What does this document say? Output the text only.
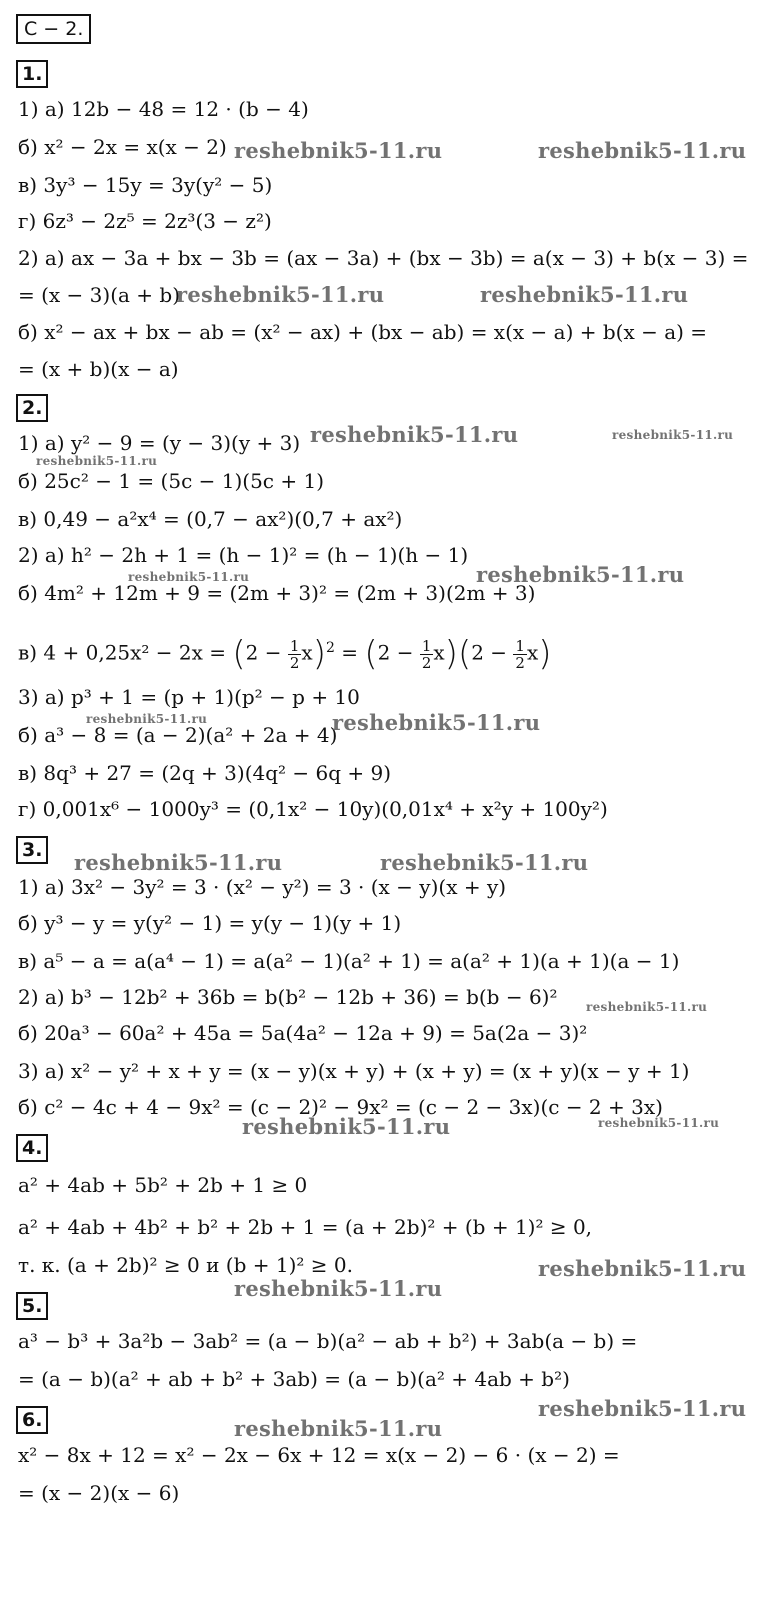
С − 2.
1.
1) а) 12b − 48 = 12 · (b − 4)
б) x² − 2x = x(x − 2)
в) 3y³ − 15y = 3y(y² − 5)
г) 6z³ − 2z⁵ = 2z³(3 − z²)
2) а) ax − 3a + bx − 3b = (ax − 3a) + (bx − 3b) = a(x − 3) + b(x − 3) =
= (x − 3)(a + b)
б) x² − ax + bx − ab = (x² − ax) + (bx − ab) = x(x − a) + b(x − a) =
= (x + b)(x − a)
2.
1) а) y² − 9 = (y − 3)(y + 3)
б) 25c² − 1 = (5c − 1)(5c + 1)
в) 0,49 − a²x⁴ = (0,7 − ax²)(0,7 + ax²)
2) а) h² − 2h + 1 = (h − 1)² = (h − 1)(h − 1)
б) 4m² + 12m + 9 = (2m + 3)² = (2m + 3)(2m + 3)
в) $4 + 0,25x^2 - 2x = (2 - \frac{1}{2} x)^2 = (2 - \frac{1}{2} x)(2 - \frac{1}{2} x)$
3) а) p³ + 1 = (p + 1)(p² − p + 10
б) a³ − 8 = (a − 2)(a² + 2a + 4)
в) 8q³ + 27 = (2q + 3)(4q² − 6q + 9)
г) 0,001x⁶ − 1000y³ = (0,1x² − 10y)(0,01x⁴ + x²y + 100y²)
3.
1) а) 3x² − 3y² = 3 · (x² − y²) = 3 · (x − y)(x + y)
б) y³ − y = y(y² − 1) = y(y − 1)(y + 1)
в) a⁵ − a = a(a⁴ − 1) = a(a² − 1)(a² + 1) = a(a² + 1)(a + 1)(a − 1)
2) а) b³ − 12b² + 36b = b(b² − 12b + 36) = b(b − 6)²
б) 20a³ − 60a² + 45a = 5a(4a² − 12a + 9) = 5a(2a − 3)²
3) а) x² − y² + x + y = (x − y)(x + y) + (x + y) = (x + y)(x − y + 1)
б) c² − 4c + 4 − 9x² = (c − 2)² − 9x² = (c − 2 − 3x)(c − 2 + 3x)
4.
a² + 4ab + 5b² + 2b + 1 ≥ 0
a² + 4ab + 4b² + b² + 2b + 1 = (a + 2b)² + (b + 1)² ≥ 0,
т. к. (a + 2b)² ≥ 0 и (b + 1)² ≥ 0.
5.
a³ − b³ + 3a²b − 3ab² = (a − b)(a² − ab + b²) + 3ab(a − b) =
= (a − b)(a² + ab + b² + 3ab) = (a − b)(a² + 4ab + b²)
6.
x² − 8x + 12 = x² − 2x − 6x + 12 = x(x − 2) − 6 · (x − 2) =
= (x − 2)(x − 6)
reshebnik5-11.ru	reshebnik5-11.ru
reshebnik5-11.ru	reshebnik5-11.ru
reshebnik5-11.ru	reshebnik5-11.ru
reshebnik5-11.ru
reshebnik5-11.ru	reshebnik5-11.ru
reshebnik5-11.ru	reshebnik5-11.ru
reshebnik5-11.ru	reshebnik5-11.ru
reshebnik5-11.ru
reshebnik5-11.ru	reshebnik5-11.ru
reshebnik5-11.ru
reshebnik5-11.ru
reshebnik5-11.ru
reshebnik5-11.ru
